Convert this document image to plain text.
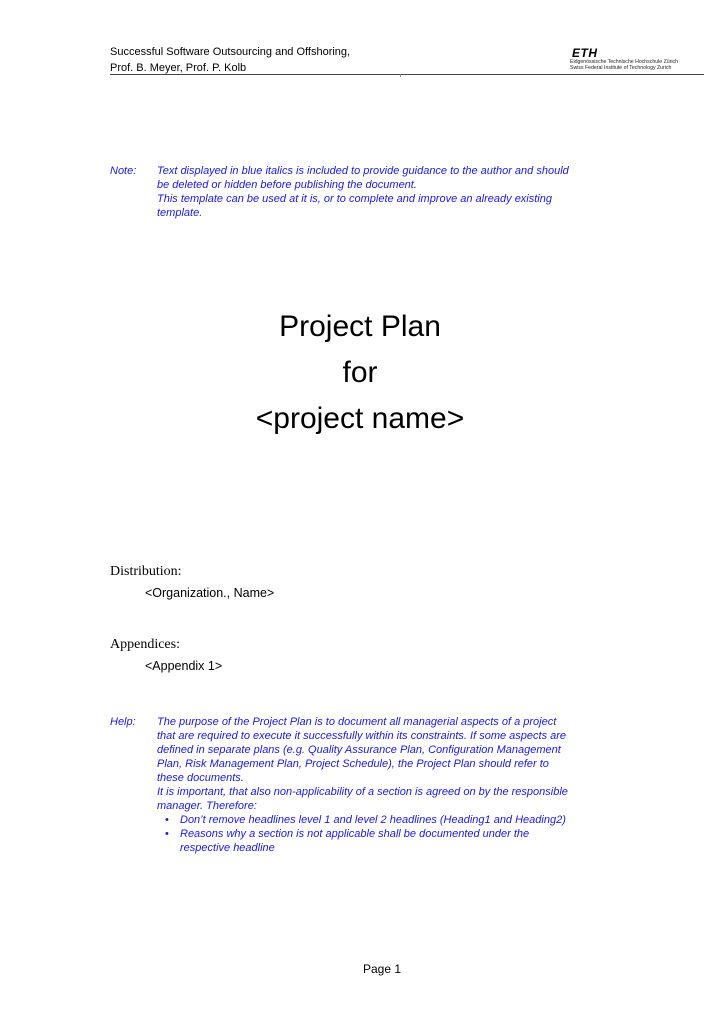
Successful Software Outsourcing and Offshoring,
Prof. B. Meyer, Prof. P. Kolb
ETH
Eidgenössische Technische Hochschule Zürich
Swiss Federal Institute of Technology Zurich
Note: Text displayed in blue italics is included to provide guidance to the author and should
be deleted or hidden before publishing the document.
This template can be used at it is, or to complete and improve an already existing
template.
Project Plan
for
<project name>
Distribution:
<Organization., Name>
Appendices:
<Appendix 1>
Help: The purpose of the Project Plan is to document all managerial aspects of a project
that are required to execute it successfully within its constraints. If some aspects are
defined in separate plans (e.g. Quality Assurance Plan, Configuration Management
Plan, Risk Management Plan, Project Schedule), the Project Plan should refer to
these documents.
It is important, that also non-applicability of a section is agreed on by the responsible
manager. Therefore:
• Don’t remove headlines level 1 and level 2 headlines (Heading1 and Heading2)
• Reasons why a section is not applicable shall be documented under the
respective headline
Page 1
